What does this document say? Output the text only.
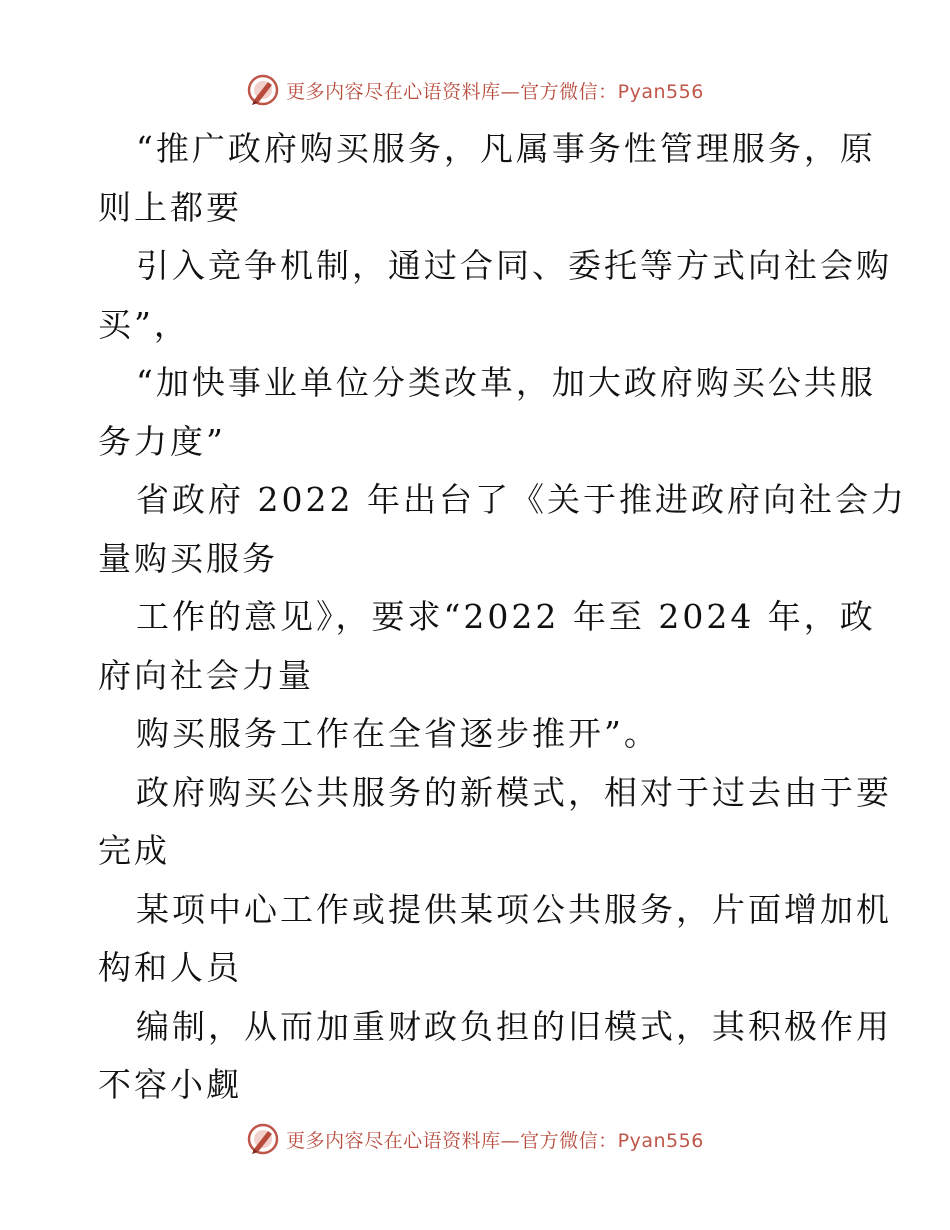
更多内容尽在心语资料库—官方微信：Pyan556
“推广政府购买服务，凡属事务性管理服务，原
则上都要
引入竞争机制，通过合同、委托等方式向社会购
买”，
“加快事业单位分类改革，加大政府购买公共服
务力度”
省政府 2022 年出台了《关于推进政府向社会力
量购买服务
工作的意见》，要求“2022 年至 2024 年，政
府向社会力量
购买服务工作在全省逐步推开”。
政府购买公共服务的新模式，相对于过去由于要
完成
某项中心工作或提供某项公共服务，片面增加机
构和人员
编制，从而加重财政负担的旧模式，其积极作用
不容小觑
更多内容尽在心语资料库—官方微信：Pyan556
